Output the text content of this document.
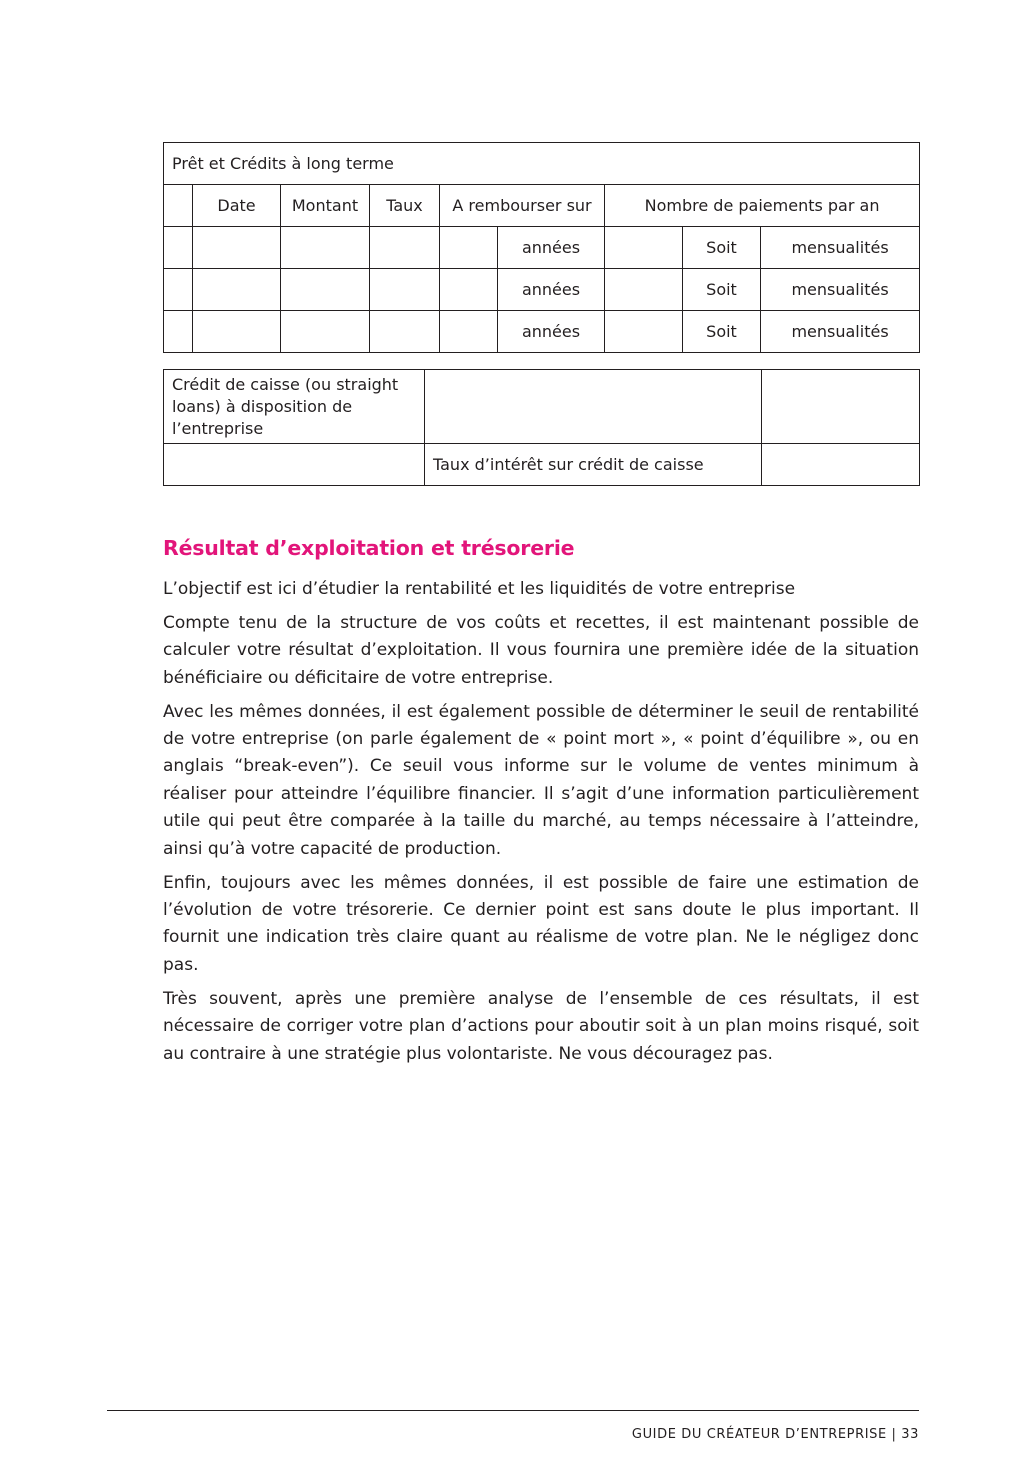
Prêt et Crédits à long terme								
	Date	Montant	Taux	A rembourser sur		Nombre de paiements par an		
					années		Soit	mensualités
					années		Soit	mensualités
					années		Soit	mensualités
Crédit de caisse (ou straight loans) à disposition de l’entreprise		
	Taux d’intérêt sur crédit de caisse	
Résultat d’exploitation et trésorerie

L’objectif est ici d’étudier la rentabilité et les liquidités de votre entreprise

Compte tenu de la structure de vos coûts et recettes, il est maintenant possible de calculer votre résultat d’exploitation. Il vous fournira une première idée de la situation bénéficiaire ou déficitaire de votre entreprise.

Avec les mêmes données, il est également possible de déterminer le seuil de rentabilité de votre entreprise (on parle également de « point mort », « point d’équilibre », ou en anglais “break-even”). Ce seuil vous informe sur le volume de ventes minimum à réaliser pour atteindre l’équilibre financier. Il s’agit d’une information particulièrement utile qui peut être comparée à la taille du marché, au temps nécessaire à l’atteindre, ainsi qu’à votre capacité de production.

Enfin, toujours avec les mêmes données, il est possible de faire une estimation de l’évolution de votre trésorerie. Ce dernier point est sans doute le plus important. Il fournit une indication très claire quant au réalisme de votre plan. Ne le négligez donc pas.

Très souvent, après une première analyse de l’ensemble de ces résultats, il est nécessaire de corriger votre plan d’actions pour aboutir soit à un plan moins risqué, soit au contraire à une stratégie plus volontariste. Ne vous découragez pas.

GUIDE DU CRÉATEUR D’ENTREPRISE | 33
